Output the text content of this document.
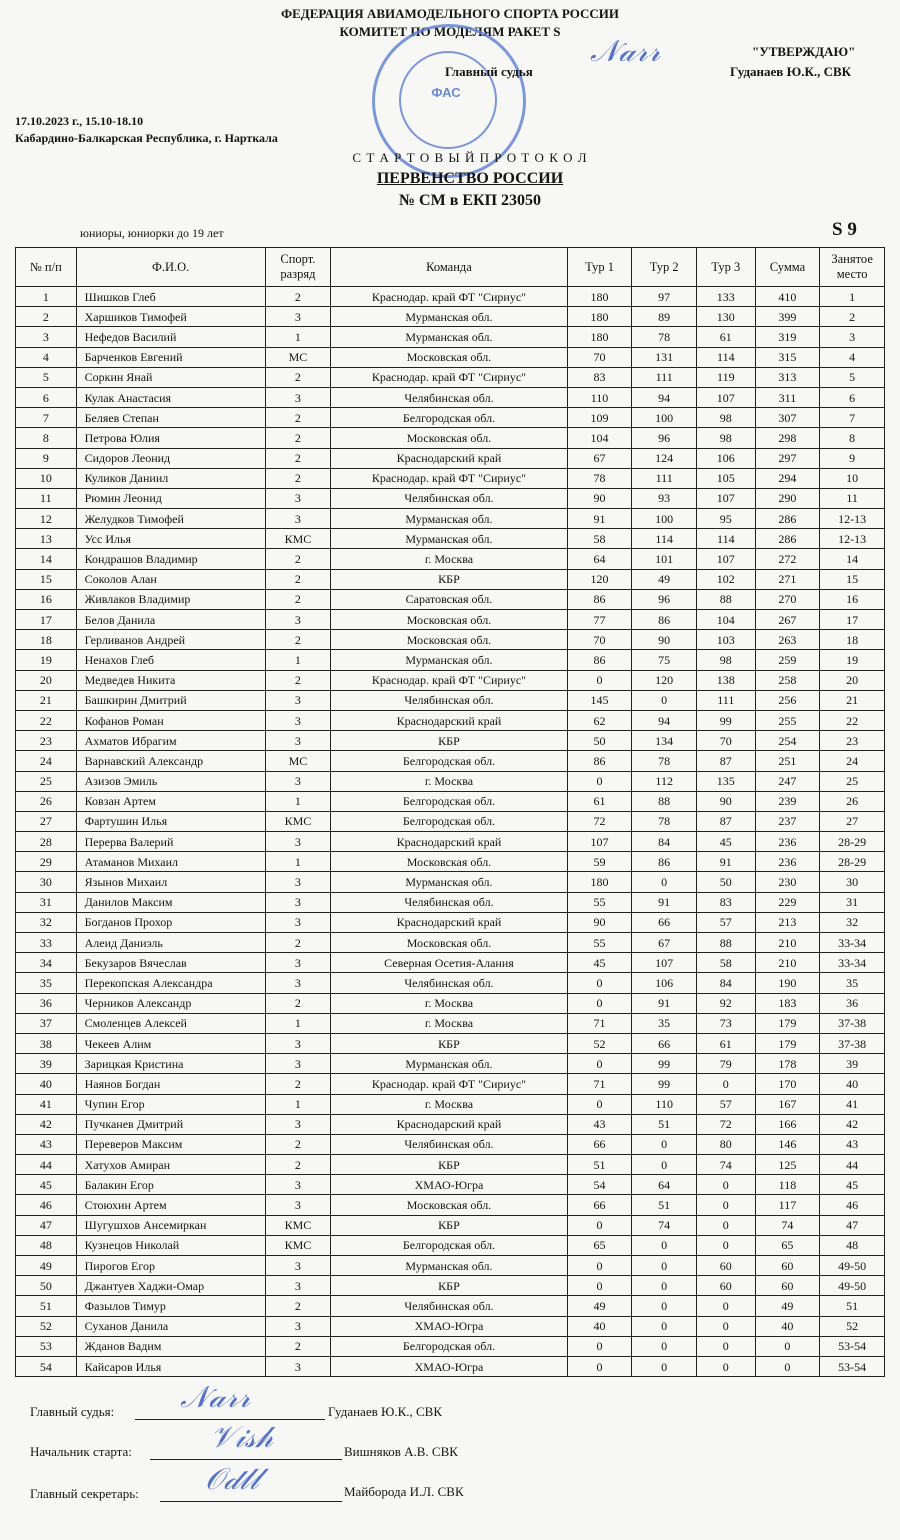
ФЕДЕРАЦИЯ АВИАМОДЕЛЬНОГО СПОРТА РОССИИ
КОМИТЕТ ПО МОДЕЛЯМ РАКЕТ S
ФАС
"УТВЕРЖДАЮ"
Главный судья
𝒩𝒶𝓇𝓇
Гуданаев Ю.К., СВК
17.10.2023 г., 15.10-18.10
Кабардино-Балкарская Республика, г. Нарткала
С Т А Р Т О В Ы Й П Р О Т О К О Л
ПЕРВЕНСТВО РОССИИ
№ СМ в ЕКП 23050
юниоры, юниорки до 19 лет	S 9
№ п/п	Ф.И.О.	Спорт. разряд	Команда	Тур 1	Тур 2	Тур 3	Сумма	Занятое место
1	Шишков Глеб	2	Краснодар. край ФТ "Сириус"	180	97	133	410	1
2	Харшиков Тимофей	3	Мурманская обл.	180	89	130	399	2
3	Нефедов Василий	1	Мурманская обл.	180	78	61	319	3
4	Барченков Евгений	МС	Московская обл.	70	131	114	315	4
5	Соркин Янай	2	Краснодар. край ФТ "Сириус"	83	111	119	313	5
6	Кулак Анастасия	3	Челябинская обл.	110	94	107	311	6
7	Беляев Степан	2	Белгородская обл.	109	100	98	307	7
8	Петрова Юлия	2	Московская обл.	104	96	98	298	8
9	Сидоров Леонид	2	Краснодарский край	67	124	106	297	9
10	Куликов Даниил	2	Краснодар. край ФТ "Сириус"	78	111	105	294	10
11	Рюмин Леонид	3	Челябинская обл.	90	93	107	290	11
12	Желудков Тимофей	3	Мурманская обл.	91	100	95	286	12-13
13	Усс Илья	КМС	Мурманская обл.	58	114	114	286	12-13
14	Кондрашов Владимир	2	г. Москва	64	101	107	272	14
15	Соколов Алан	2	КБР	120	49	102	271	15
16	Живлаков Владимир	2	Саратовская обл.	86	96	88	270	16
17	Белов Данила	3	Московская обл.	77	86	104	267	17
18	Герливанов Андрей	2	Московская обл.	70	90	103	263	18
19	Ненахов Глеб	1	Мурманская обл.	86	75	98	259	19
20	Медведев Никита	2	Краснодар. край ФТ "Сириус"	0	120	138	258	20
21	Башкирин Дмитрий	3	Челябинская обл.	145	0	111	256	21
22	Кофанов Роман	3	Краснодарский край	62	94	99	255	22
23	Ахматов Ибрагим	3	КБР	50	134	70	254	23
24	Варнавский Александр	МС	Белгородская обл.	86	78	87	251	24
25	Азизов Эмиль	3	г. Москва	0	112	135	247	25
26	Ковзан Артем	1	Белгородская обл.	61	88	90	239	26
27	Фартушин Илья	КМС	Белгородская обл.	72	78	87	237	27
28	Перерва Валерий	3	Краснодарский край	107	84	45	236	28-29
29	Атаманов Михаил	1	Московская обл.	59	86	91	236	28-29
30	Язынов Михаил	3	Мурманская обл.	180	0	50	230	30
31	Данилов Максим	3	Челябинская обл.	55	91	83	229	31
32	Богданов Прохор	3	Краснодарский край	90	66	57	213	32
33	Алеид Даниэль	2	Московская обл.	55	67	88	210	33-34
34	Бекузаров Вячеслав	3	Северная Осетия-Алания	45	107	58	210	33-34
35	Перекопская Александра	3	Челябинская обл.	0	106	84	190	35
36	Черников Александр	2	г. Москва	0	91	92	183	36
37	Смоленцев Алексей	1	г. Москва	71	35	73	179	37-38
38	Чекеев Алим	3	КБР	52	66	61	179	37-38
39	Зарицкая Кристина	3	Мурманская обл.	0	99	79	178	39
40	Наянов Богдан	2	Краснодар. край ФТ "Сириус"	71	99	0	170	40
41	Чупин Егор	1	г. Москва	0	110	57	167	41
42	Пучканев Дмитрий	3	Краснодарский край	43	51	72	166	42
43	Переверов Максим	2	Челябинская обл.	66	0	80	146	43
44	Хатухов Амиран	2	КБР	51	0	74	125	44
45	Балакин Егор	3	ХМАО-Югра	54	64	0	118	45
46	Стоюхин Артем	3	Московская обл.	66	51	0	117	46
47	Шугушхов Ансемиркан	КМС	КБР	0	74	0	74	47
48	Кузнецов Николай	КМС	Белгородская обл.	65	0	0	65	48
49	Пирогов Егор	3	Мурманская обл.	0	0	60	60	49-50
50	Джантуев Хаджи-Омар	3	КБР	0	0	60	60	49-50
51	Фазылов Тимур	2	Челябинская обл.	49	0	0	49	51
52	Суханов Данила	3	ХМАО-Югра	40	0	0	40	52
53	Жданов Вадим	2	Белгородская обл.	0	0	0	0	53-54
54	Кайсаров Илья	3	ХМАО-Югра	0	0	0	0	53-54
Главный судья: 𝒩𝒶𝓇𝓇	Гуданаев Ю.К., СВК
Начальник старта:	𝒱𝒾𝓈𝒽	Вишняков А.В. СВК
Главный секретарь: 𝒪𝒹𝓁𝓁	Майборода И.Л. СВК
